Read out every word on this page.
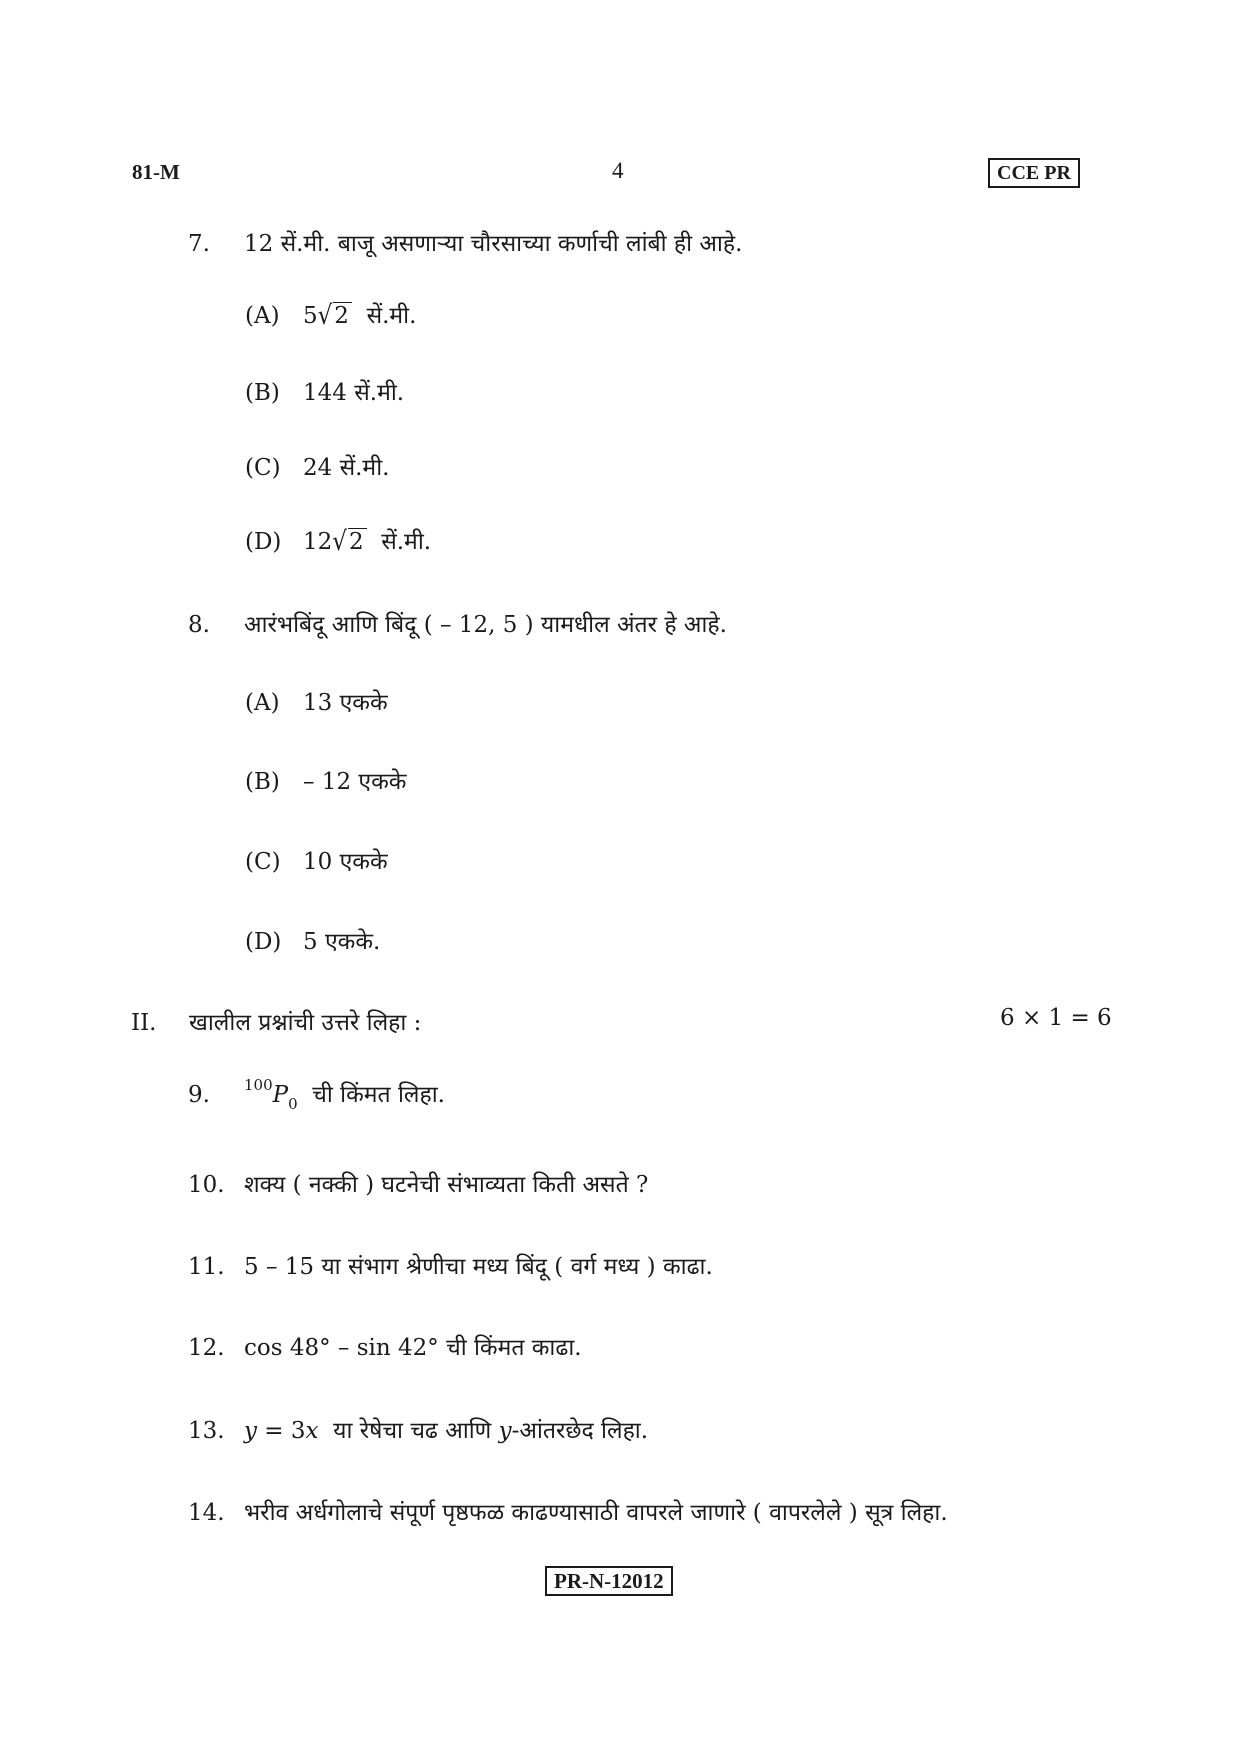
81-M	4	CCE PR
7. 12 सें.मी. बाजू असणाऱ्या चौरसाच्या कर्णाची लांबी ही आहे.
(A) 5√2 सें.मी.
(B) 144 सें.मी.
(C) 24 सें.मी.
(D) 12√2 सें.मी.
8. आरंभबिंदू आणि बिंदू ( – 12, 5 ) यामधील अंतर हे आहे.
(A) 13 एकके
(B) – 12 एकके
(C) 10 एकके
(D) 5 एकके.
II. खालील प्रश्नांची उत्तरे लिहा :	6 × 1 = 6
9. $^{100}P_0$ ची किंमत लिहा.
10. शक्य ( नक्की ) घटनेची संभाव्यता किती असते ?
11. 5 – 15 या संभाग श्रेणीचा मध्य बिंदू ( वर्ग मध्य ) काढा.
12. cos 48° – sin 42° ची किंमत काढा.
13. y = 3x या रेषेचा चढ आणि y-आंतरछेद लिहा.
14. भरीव अर्धगोलाचे संपूर्ण पृष्ठफळ काढण्यासाठी वापरले जाणारे ( वापरलेले ) सूत्र लिहा.
PR-N-12012
